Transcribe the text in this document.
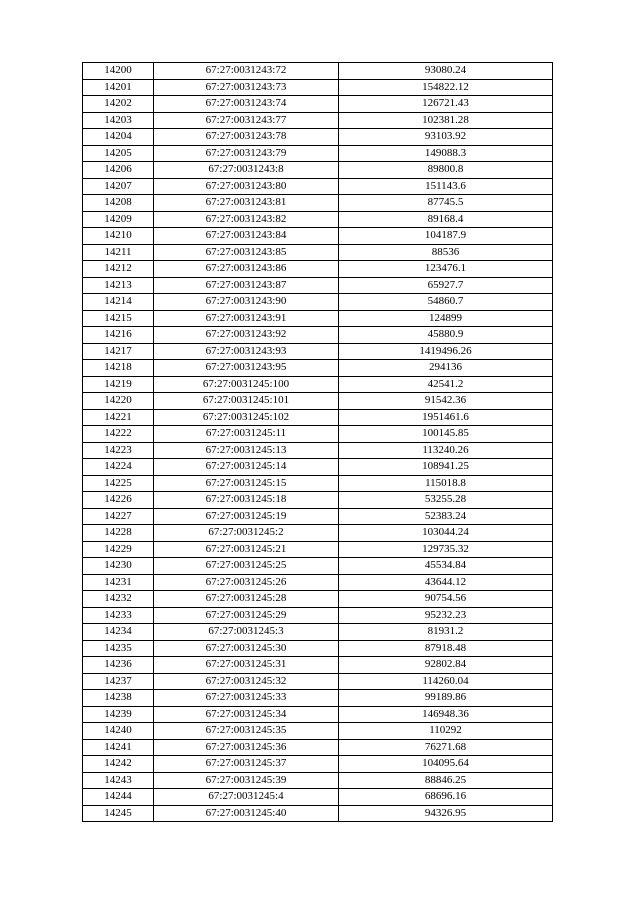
14200	67:27:0031243:72	93080.24
14201	67:27:0031243:73	154822.12
14202	67:27:0031243:74	126721.43
14203	67:27:0031243:77	102381.28
14204	67:27:0031243:78	93103.92
14205	67:27:0031243:79	149088.3
14206	67:27:0031243:8	89800.8
14207	67:27:0031243:80	151143.6
14208	67:27:0031243:81	87745.5
14209	67:27:0031243:82	89168.4
14210	67:27:0031243:84	104187.9
14211	67:27:0031243:85	88536
14212	67:27:0031243:86	123476.1
14213	67:27:0031243:87	65927.7
14214	67:27:0031243:90	54860.7
14215	67:27:0031243:91	124899
14216	67:27:0031243:92	45880.9
14217	67:27:0031243:93	1419496.26
14218	67:27:0031243:95	294136
14219	67:27:0031245:100	42541.2
14220	67:27:0031245:101	91542.36
14221	67:27:0031245:102	1951461.6
14222	67:27:0031245:11	100145.85
14223	67:27:0031245:13	113240.26
14224	67:27:0031245:14	108941.25
14225	67:27:0031245:15	115018.8
14226	67:27:0031245:18	53255.28
14227	67:27:0031245:19	52383.24
14228	67:27:0031245:2	103044.24
14229	67:27:0031245:21	129735.32
14230	67:27:0031245:25	45534.84
14231	67:27:0031245:26	43644.12
14232	67:27:0031245:28	90754.56
14233	67:27:0031245:29	95232.23
14234	67:27:0031245:3	81931.2
14235	67:27:0031245:30	87918.48
14236	67:27:0031245:31	92802.84
14237	67:27:0031245:32	114260.04
14238	67:27:0031245:33	99189.86
14239	67:27:0031245:34	146948.36
14240	67:27:0031245:35	110292
14241	67:27:0031245:36	76271.68
14242	67:27:0031245:37	104095.64
14243	67:27:0031245:39	88846.25
14244	67:27:0031245:4	68696.16
14245	67:27:0031245:40	94326.95
